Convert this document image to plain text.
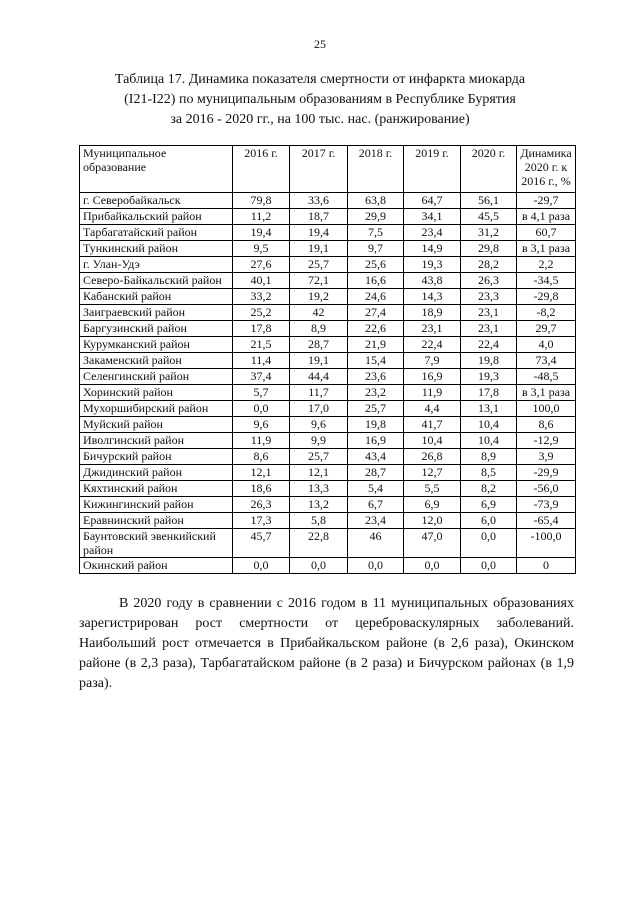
25
Таблица 17. Динамика показателя смертности от инфаркта миокарда
(I21-I22) по муниципальным образованиям в Республике Бурятия
за 2016 - 2020 гг., на 100 тыс. нас. (ранжирование)
Муниципальное образование	2016 г.	2017 г.	2018 г.	2019 г.	2020 г.	Динамика 2020 г. к 2016 г., %
г. Северобайкальск	79,8	33,6	63,8	64,7	56,1	-29,7
Прибайкальский район	11,2	18,7	29,9	34,1	45,5	в 4,1 раза
Тарбагатайский район	19,4	19,4	7,5	23,4	31,2	60,7
Тункинский район	9,5	19,1	9,7	14,9	29,8	в 3,1 раза
г. Улан-Удэ	27,6	25,7	25,6	19,3	28,2	2,2
Северо-Байкальский район	40,1	72,1	16,6	43,8	26,3	-34,5
Кабанский район	33,2	19,2	24,6	14,3	23,3	-29,8
Заиграевский район	25,2	42	27,4	18,9	23,1	-8,2
Баргузинский район	17,8	8,9	22,6	23,1	23,1	29,7
Курумканский район	21,5	28,7	21,9	22,4	22,4	4,0
Закаменский район	11,4	19,1	15,4	7,9	19,8	73,4
Селенгинский район	37,4	44,4	23,6	16,9	19,3	-48,5
Хоринский район	5,7	11,7	23,2	11,9	17,8	в 3,1 раза
Мухоршибирский район	0,0	17,0	25,7	4,4	13,1	100,0
Муйский район	9,6	9,6	19,8	41,7	10,4	8,6
Иволгинский район	11,9	9,9	16,9	10,4	10,4	-12,9
Бичурский район	8,6	25,7	43,4	26,8	8,9	3,9
Джидинский район	12,1	12,1	28,7	12,7	8,5	-29,9
Кяхтинский район	18,6	13,3	5,4	5,5	8,2	-56,0
Кижингинский район	26,3	13,2	6,7	6,9	6,9	-73,9
Еравнинский район	17,3	5,8	23,4	12,0	6,0	-65,4
Баунтовский эвенкийский район	45,7	22,8	46	47,0	0,0	-100,0
Окинский район	0,0	0,0	0,0	0,0	0,0	0
В 2020 году в сравнении с 2016 годом в 11 муниципальных образованиях зарегистрирован рост смертности от цереброваскулярных заболеваний. Наибольший рост отмечается в Прибайкальском районе (в 2,6 раза), Окинском районе (в 2,3 раза), Тарбагатайском районе (в 2 раза) и Бичурском районах (в 1,9 раза).
